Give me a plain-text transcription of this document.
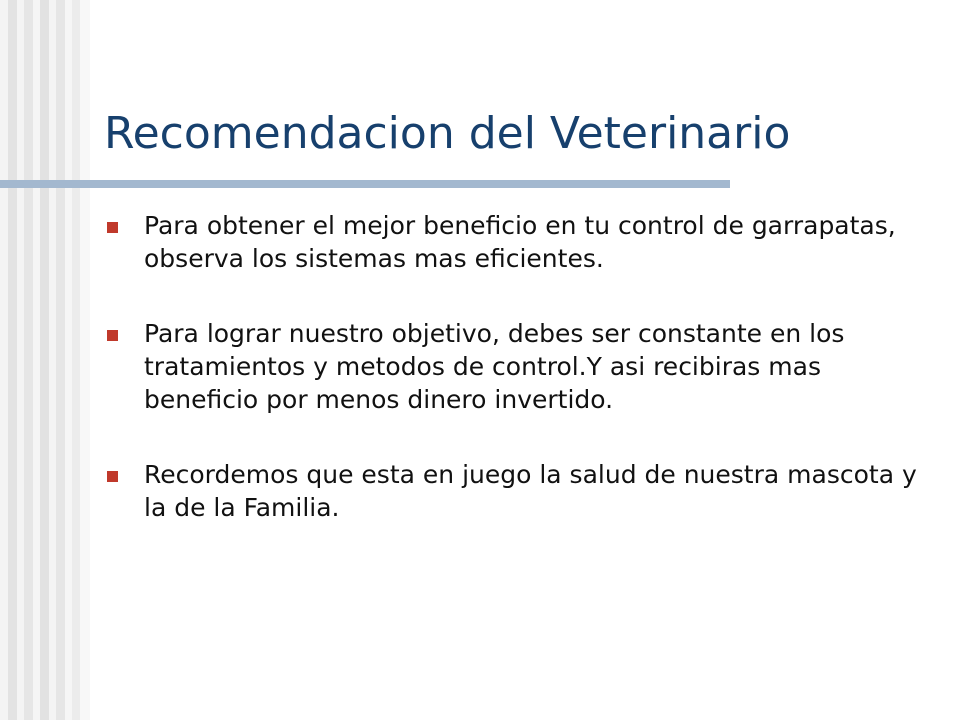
Recomendacion del Veterinario
Para obtener el mejor beneficio en tu control de garrapatas, observa los sistemas mas eficientes.
Para lograr nuestro objetivo, debes ser constante en los tratamientos y metodos de control.Y asi recibiras mas beneficio por menos dinero invertido.
Recordemos que esta en juego la salud de nuestra mascota y la de la Familia.
